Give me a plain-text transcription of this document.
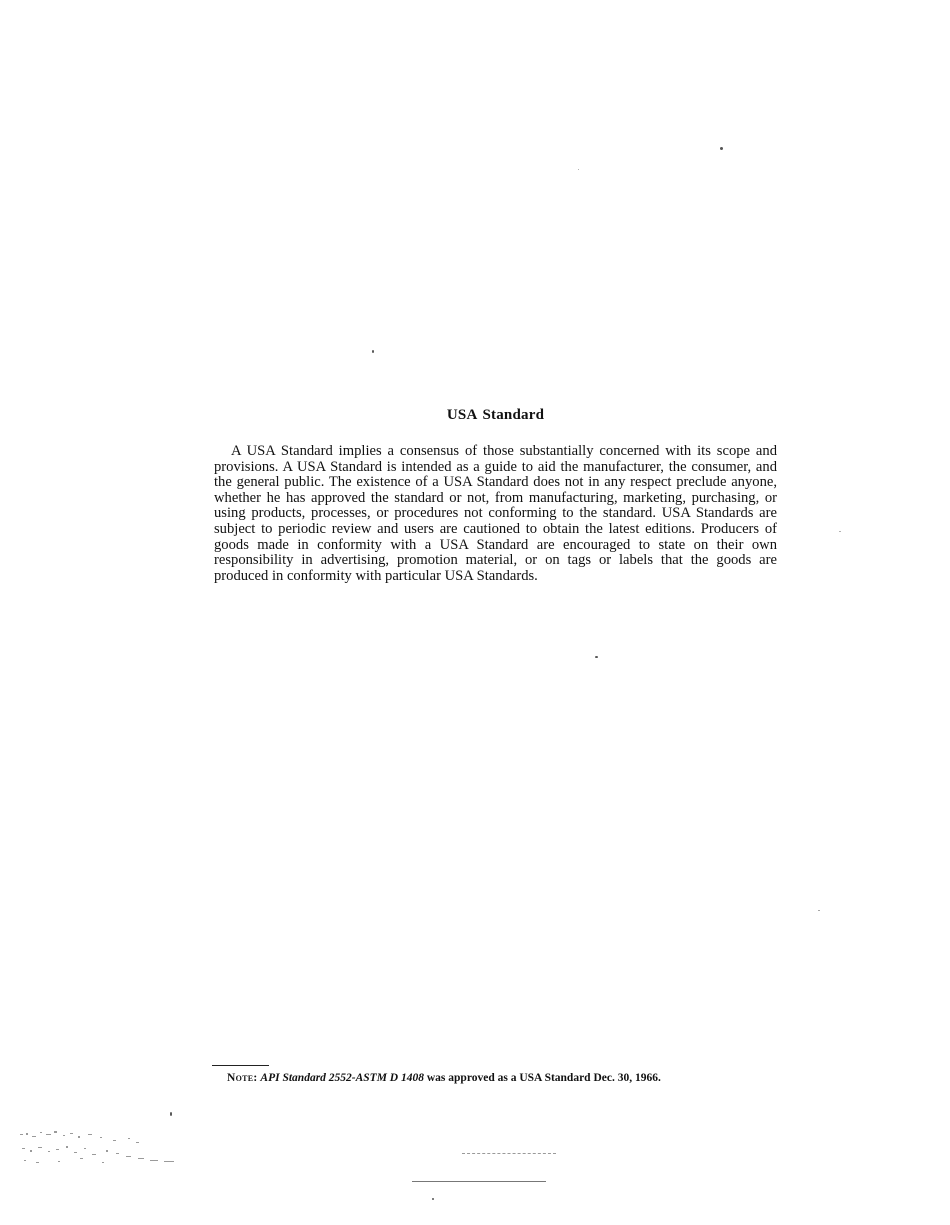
USA Standard

A USA Standard implies a consensus of those substantially concerned with its scope and provisions. A USA Standard is intended as a guide to aid the manufacturer, the consumer, and the general public. The existence of a USA Standard does not in any respect preclude anyone, whether he has approved the standard or not, from manufacturing, marketing, purchasing, or using products, processes, or procedures not conforming to the standard. USA Standards are subject to periodic review and users are cautioned to obtain the latest editions. Producers of goods made in conformity with a USA Standard are encouraged to state on their own responsibility in advertising, promotion material, or on tags or labels that the goods are produced in conformity with particular USA Standards.

Note: API Standard 2552-ASTM D 1408 was approved as a USA Standard Dec. 30, 1966.
